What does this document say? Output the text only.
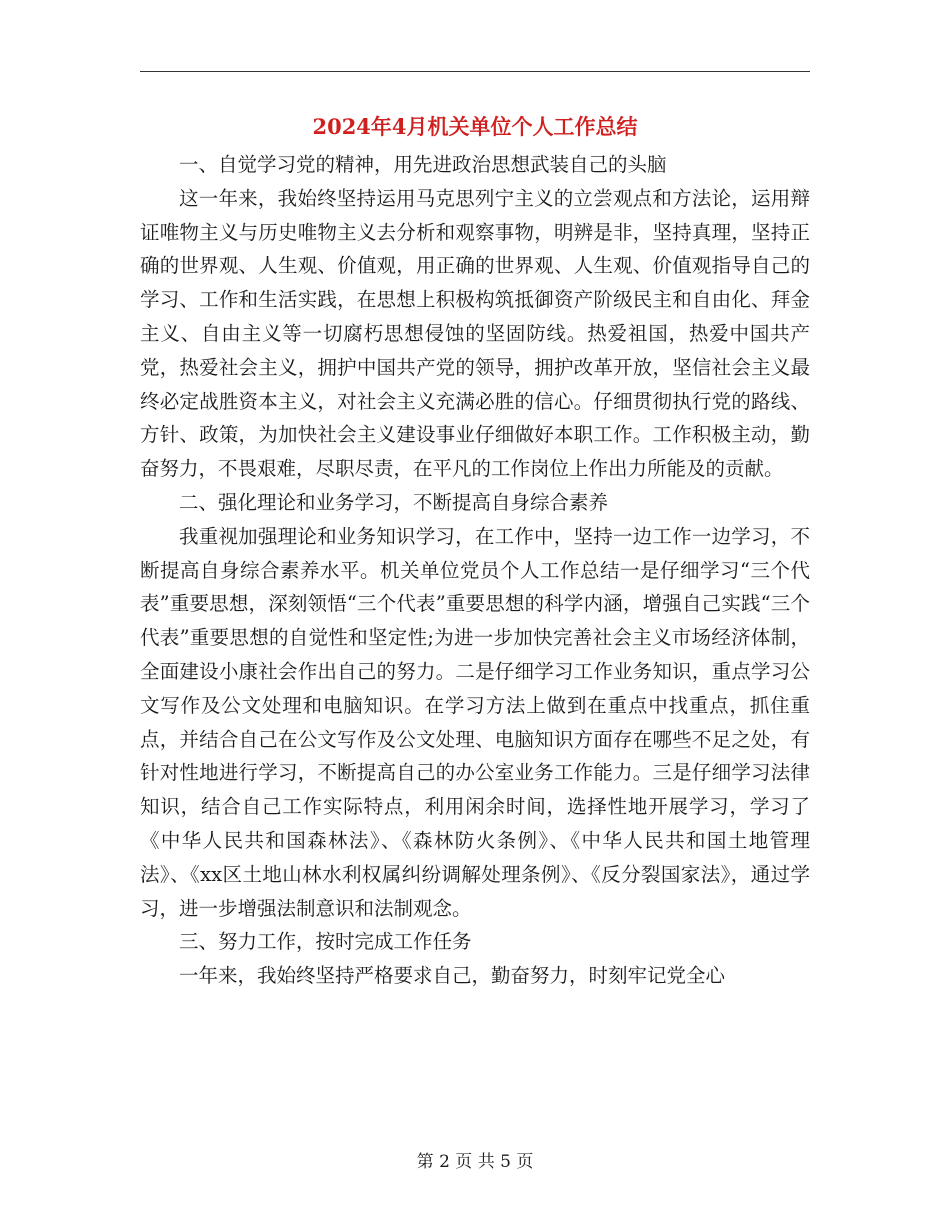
2024年4月机关单位个人工作总结

一、自觉学习党的精神，用先进政治思想武装自己的头脑

这一年来，我始终坚持运用马克思列宁主义的立尝观点和方法论，运用辩证唯物主义与历史唯物主义去分析和观察事物，明辨是非，坚持真理，坚持正确的世界观、人生观、价值观，用正确的世界观、人生观、价值观指导自己的学习、工作和生活实践，在思想上积极构筑抵御资产阶级民主和自由化、拜金主义、自由主义等一切腐朽思想侵蚀的坚固防线。热爱祖国，热爱中国共产党，热爱社会主义，拥护中国共产党的领导，拥护改革开放，坚信社会主义最终必定战胜资本主义，对社会主义充满必胜的信心。仔细贯彻执行党的路线、方针、政策，为加快社会主义建设事业仔细做好本职工作。工作积极主动，勤奋努力，不畏艰难，尽职尽责，在平凡的工作岗位上作出力所能及的贡献。

二、强化理论和业务学习，不断提高自身综合素养

我重视加强理论和业务知识学习，在工作中，坚持一边工作一边学习，不断提高自身综合素养水平。机关单位党员个人工作总结一是仔细学习“三个代表”重要思想，深刻领悟“三个代表”重要思想的科学内涵，增强自己实践“三个代表”重要思想的自觉性和坚定性;为进一步加快完善社会主义市场经济体制，全面建设小康社会作出自己的努力。二是仔细学习工作业务知识，重点学习公文写作及公文处理和电脑知识。在学习方法上做到在重点中找重点，抓住重点，并结合自己在公文写作及公文处理、电脑知识方面存在哪些不足之处，有针对性地进行学习，不断提高自己的办公室业务工作能力。三是仔细学习法律知识，结合自己工作实际特点，利用闲余时间，选择性地开展学习，学习了《中华人民共和国森林法》、《森林防火条例》、《中华人民共和国土地管理法》、《xx区土地山林水利权属纠纷调解处理条例》、《反分裂国家法》，通过学习，进一步增强法制意识和法制观念。

三、努力工作，按时完成工作任务

一年来，我始终坚持严格要求自己，勤奋努力，时刻牢记党全心

第 2 页 共 5 页
